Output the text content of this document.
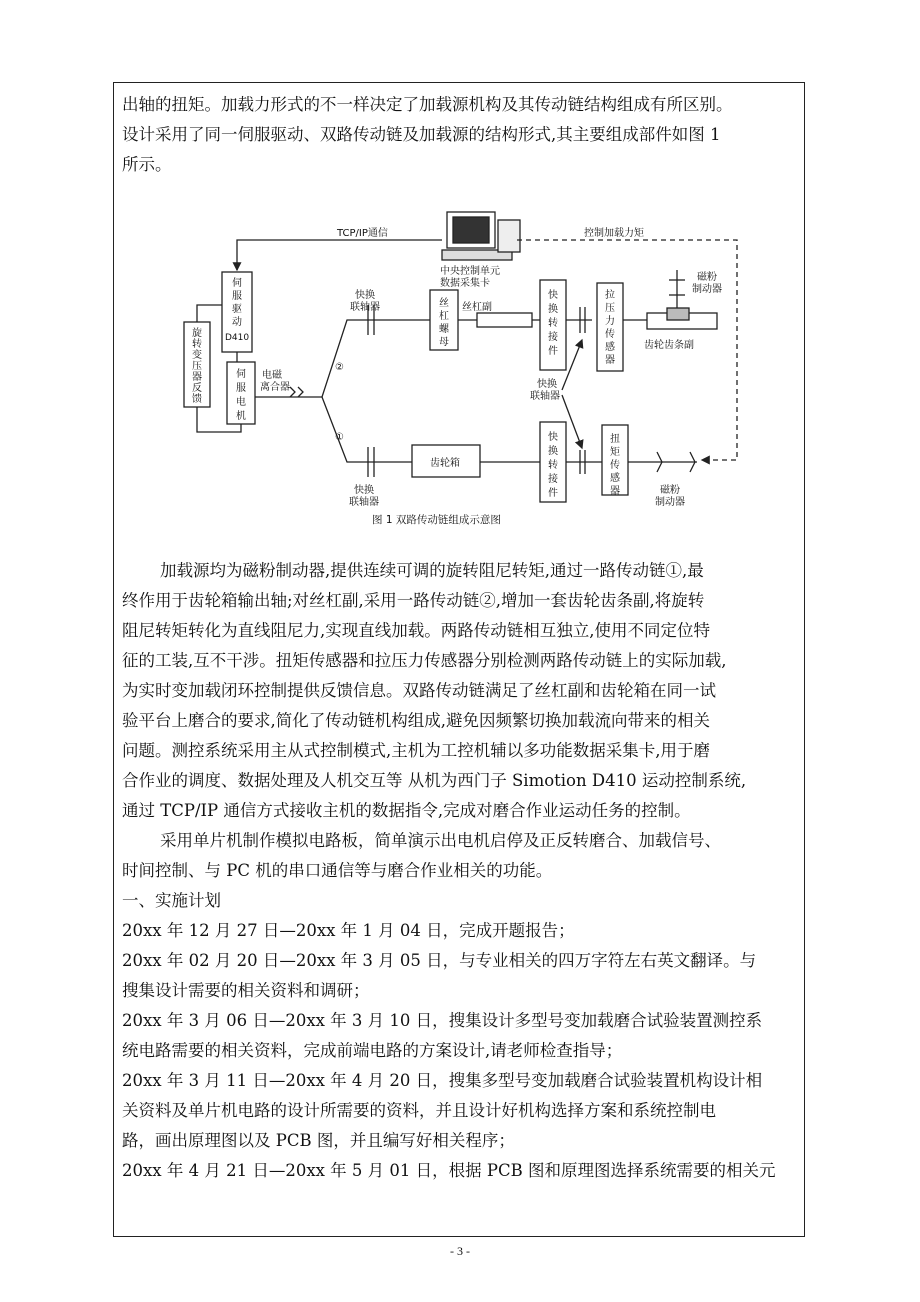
出轴的扭矩。加载力形式的不一样决定了加载源机构及其传动链结构组成有所区别。
设计采用了同一伺服驱动、双路传动链及加载源的结构形式,其主要组成部件如图 1
所示。
TCP/IP通信	控制加载力矩
中央控制单元
数据采集卡
伺
服
驱
动
D410
旋
转
变
压
器
反
馈
伺
服
电
机
丝
杠
螺
母
快
换
转
接
件
拉
压
力
传
感
器
快
换
转
接
件
扭
矩
传
感
器
电磁
离合器
②
①
快换
联轴器	丝杠副
齿轮齿条副
磁粉
制动器
快换
联轴器
齿轮箱
快换
联轴器
磁粉
制动器
图 1 双路传动链组成示意图
加载源均为磁粉制动器,提供连续可调的旋转阻尼转矩,通过一路传动链①,最
终作用于齿轮箱输出轴;对丝杠副,采用一路传动链②,增加一套齿轮齿条副,将旋转
阻尼转矩转化为直线阻尼力,实现直线加载。两路传动链相互独立,使用不同定位特
征的工装,互不干涉。扭矩传感器和拉压力传感器分别检测两路传动链上的实际加载,
为实时变加载闭环控制提供反馈信息。双路传动链满足了丝杠副和齿轮箱在同一试
验平台上磨合的要求,简化了传动链机构组成,避免因频繁切换加载流向带来的相关
问题。测控系统采用主从式控制模式,主机为工控机辅以多功能数据采集卡,用于磨
合作业的调度、数据处理及人机交互等 从机为西门子 Simotion D410 运动控制系统,
通过 TCP/IP 通信方式接收主机的数据指令,完成对磨合作业运动任务的控制。
采用单片机制作模拟电路板，简单演示出电机启停及正反转磨合、加载信号、
时间控制、与 PC 机的串口通信等与磨合作业相关的功能。
一、实施计划
20xx 年 12 月 27 日—20xx 年 1 月 04 日，完成开题报告；
20xx 年 02 月 20 日—20xx 年 3 月 05 日，与专业相关的四万字符左右英文翻译。与
搜集设计需要的相关资料和调研；
20xx 年 3 月 06 日—20xx 年 3 月 10 日，搜集设计多型号变加载磨合试验装置测控系
统电路需要的相关资料，完成前端电路的方案设计,请老师检查指导；
20xx 年 3 月 11 日—20xx 年 4 月 20 日，搜集多型号变加载磨合试验装置机构设计相
关资料及单片机电路的设计所需要的资料，并且设计好机构选择方案和系统控制电
路，画出原理图以及 PCB 图，并且编写好相关程序；
20xx 年 4 月 21 日—20xx 年 5 月 01 日，根据 PCB 图和原理图选择系统需要的相关元
- 3 -
